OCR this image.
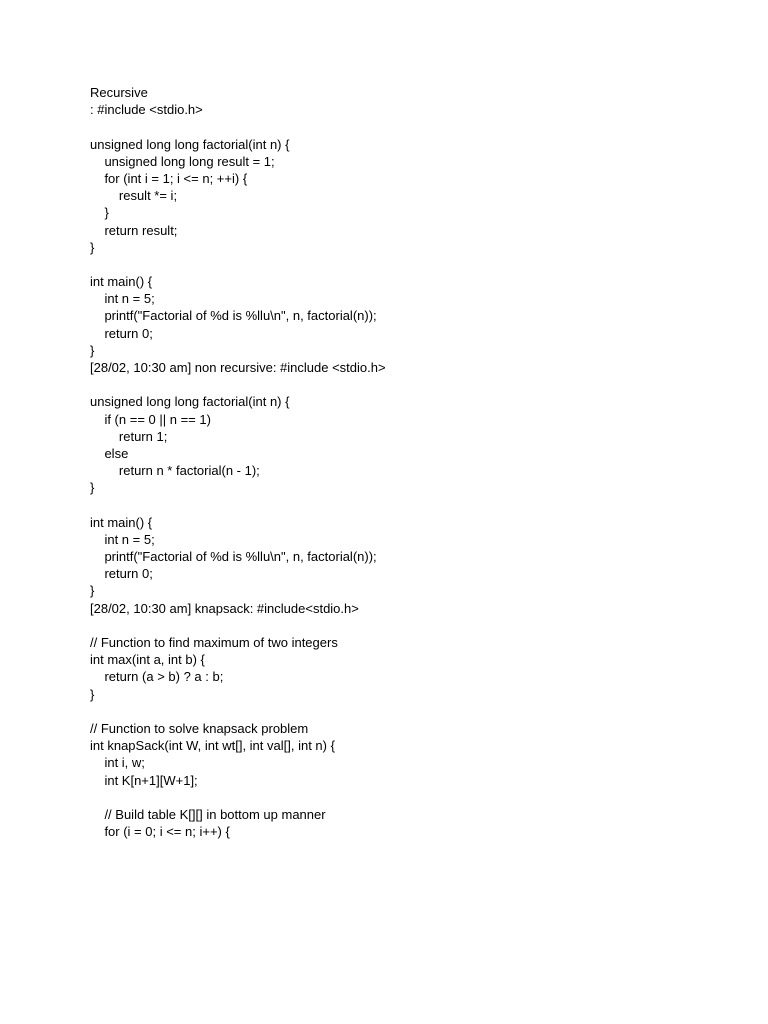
Recursive
: #include <stdio.h>
unsigned long long factorial(int n) {
unsigned long long result = 1;
for (int i = 1; i <= n; ++i) {
result *= i;
}
return result;
}
int main() {
int n = 5;
printf("Factorial of %d is %llu\n", n, factorial(n));
return 0;
}
[28/02, 10:30 am] non recursive: #include <stdio.h>
unsigned long long factorial(int n) {
if (n == 0 || n == 1)
return 1;
else
return n * factorial(n - 1);
}
int main() {
int n = 5;
printf("Factorial of %d is %llu\n", n, factorial(n));
return 0;
}
[28/02, 10:30 am] knapsack: #include<stdio.h>
// Function to find maximum of two integers
int max(int a, int b) {
return (a > b) ? a : b;
}
// Function to solve knapsack problem
int knapSack(int W, int wt[], int val[], int n) {
int i, w;
int K[n+1][W+1];
// Build table K[][] in bottom up manner
for (i = 0; i <= n; i++) {
